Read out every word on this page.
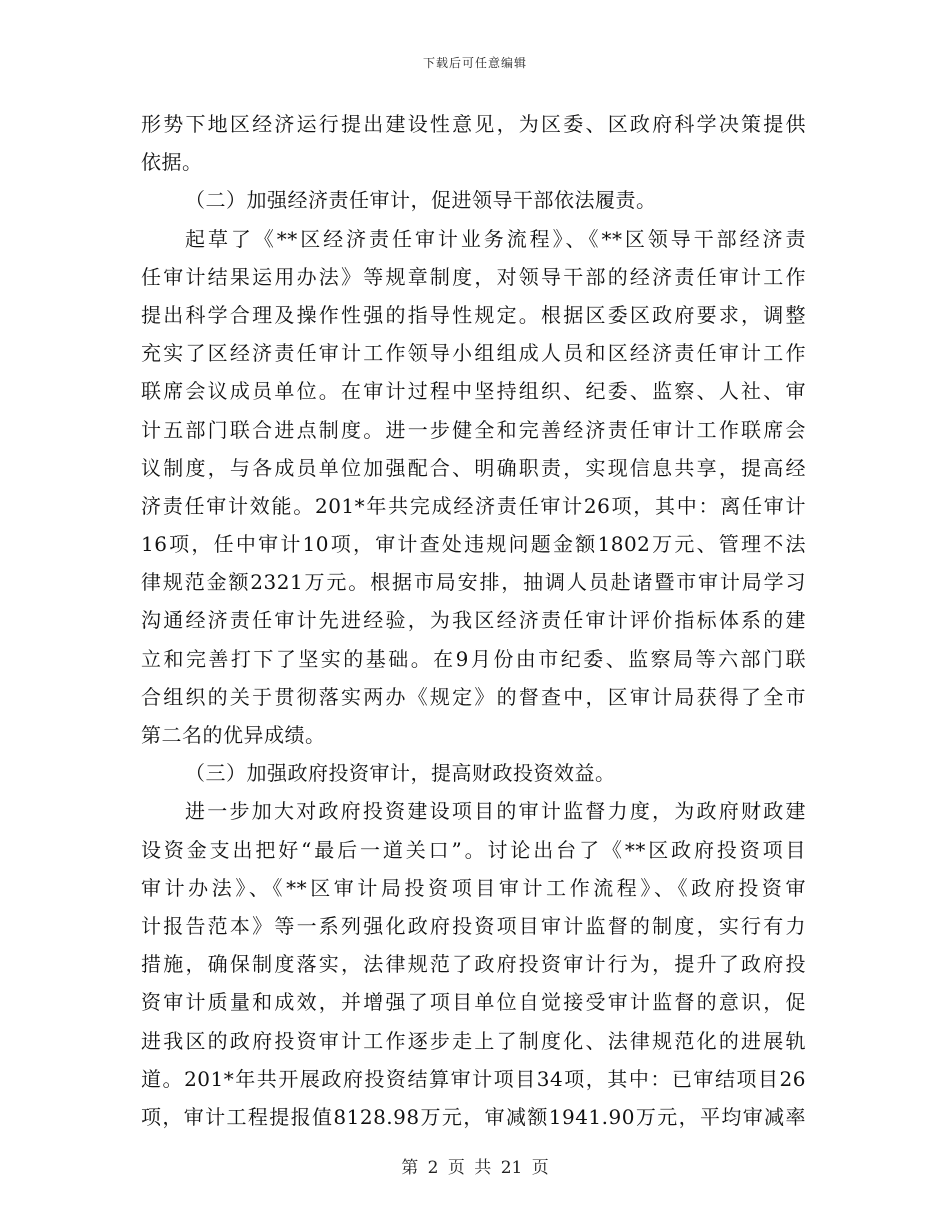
下载后可任意编辑
形势下地区经济运行提出建设性意见，为区委、区政府科学决策提供
依据。
（二）加强经济责任审计，促进领导干部依法履责。
起草了《**区经济责任审计业务流程》、《**区领导干部经济责
任审计结果运用办法》等规章制度，对领导干部的经济责任审计工作
提出科学合理及操作性强的指导性规定。根据区委区政府要求，调整
充实了区经济责任审计工作领导小组组成人员和区经济责任审计工作
联席会议成员单位。在审计过程中坚持组织、纪委、监察、人社、审
计五部门联合进点制度。进一步健全和完善经济责任审计工作联席会
议制度，与各成员单位加强配合、明确职责，实现信息共享，提高经
济责任审计效能。201*年共完成经济责任审计26项，其中：离任审计
16项，任中审计10项，审计查处违规问题金额1802万元、管理不法
律规范金额2321万元。根据市局安排，抽调人员赴诸暨市审计局学习
沟通经济责任审计先进经验，为我区经济责任审计评价指标体系的建
立和完善打下了坚实的基础。在9月份由市纪委、监察局等六部门联
合组织的关于贯彻落实两办《规定》的督查中，区审计局获得了全市
第二名的优异成绩。
（三）加强政府投资审计，提高财政投资效益。
进一步加大对政府投资建设项目的审计监督力度，为政府财政建
设资金支出把好“最后一道关口”。讨论出台了《**区政府投资项目
审计办法》、《**区审计局投资项目审计工作流程》、《政府投资审
计报告范本》等一系列强化政府投资项目审计监督的制度，实行有力
措施，确保制度落实，法律规范了政府投资审计行为，提升了政府投
资审计质量和成效，并增强了项目单位自觉接受审计监督的意识，促
进我区的政府投资审计工作逐步走上了制度化、法律规范化的进展轨
道。201*年共开展政府投资结算审计项目34项，其中：已审结项目26
项，审计工程提报值8128.98万元，审减额1941.90万元，平均审减率
第 2 页 共 21 页
